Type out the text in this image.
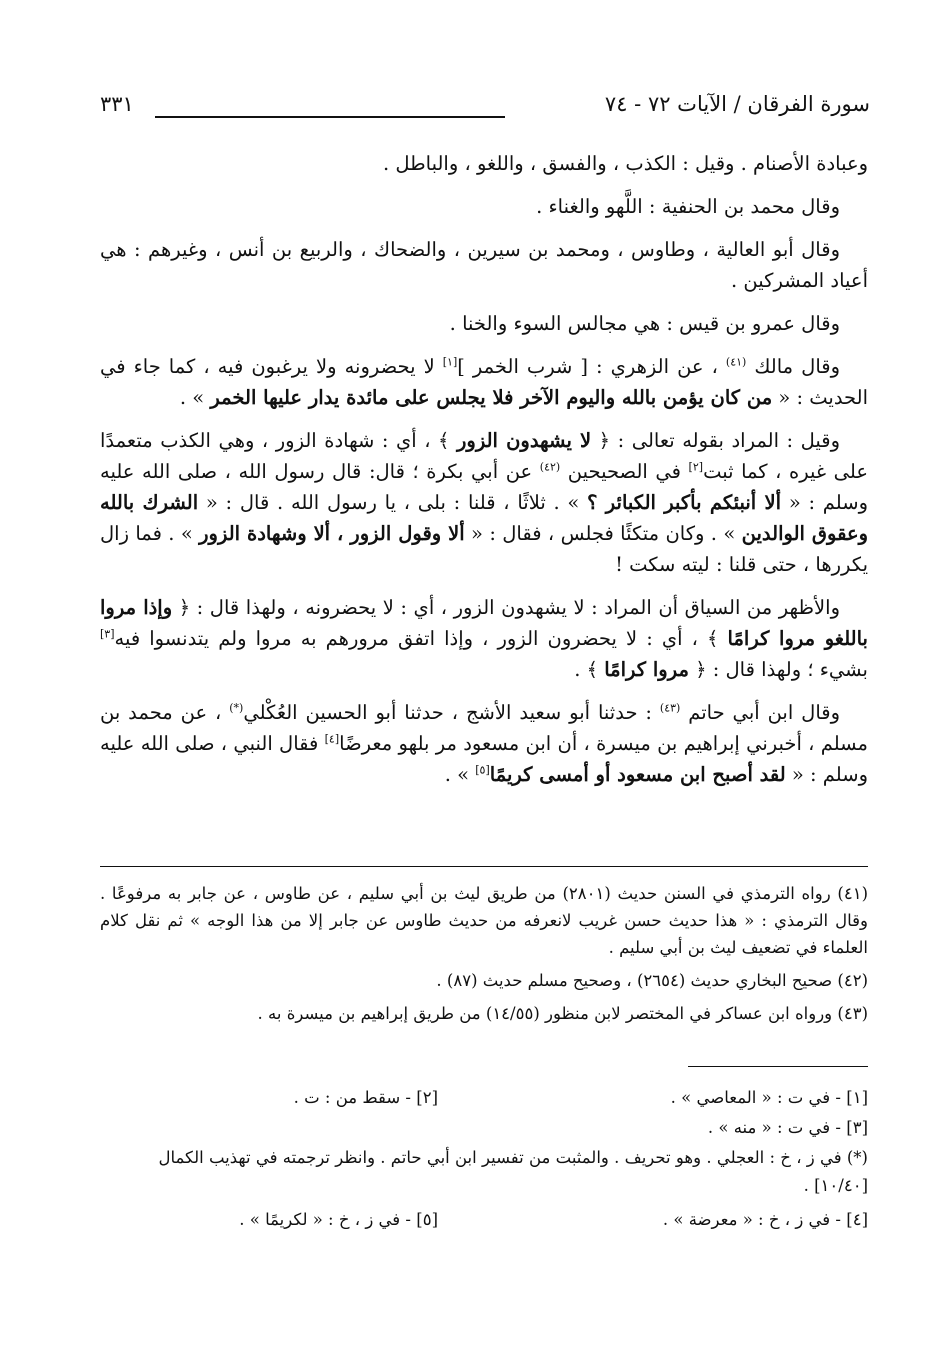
سورة الفرقان / الآيات ٧٢ - ٧٤
٣٣١

وعبادة الأصنام . وقيل : الكذب ، والفسق ، واللغو ، والباطل .

وقال محمد بن الحنفية : اللَّهو والغناء .

وقال أبو العالية ، وطاوس ، ومحمد بن سيرين ، والضحاك ، والربيع بن أنس ، وغيرهم : هي أعياد المشركين .

وقال عمرو بن قيس : هي مجالس السوء والخنا .

وقال مالك $^{(٤١)}$ ، عن الزهري : [ شرب الخمر ][١] لا يحضرونه ولا يرغبون فيه ، كما جاء في الحديث : « من كان يؤمن بالله واليوم الآخر فلا يجلس على مائدة يدار عليها الخمر » .

وقيل : المراد بقوله تعالى : ﴿ لا يشهدون الزور ﴾ ، أي : شهادة الزور ، وهي الكذب متعمدًا على غيره ، كما ثبت[٢] في الصحيحين $^{(٤٢)}$ عن أبي بكرة ؛ قال: قال رسول الله ، صلى الله عليه وسلم : « ألا أنبئكم بأكبر الكبائر ؟ » . ثلاثًا ، قلنا : بلى ، يا رسول الله . قال : « الشرك بالله وعقوق الوالدين » . وكان متكئًا فجلس ، فقال : « ألا وقول الزور ، ألا وشهادة الزور » . فما زال يكررها ، حتى قلنا : ليته سكت !

والأظهر من السياق أن المراد : لا يشهدون الزور ، أي : لا يحضرونه ، ولهذا قال : ﴿ وإذا مروا باللغو مروا كرامًا ﴾ ، أي : لا يحضرون الزور ، وإذا اتفق مرورهم به مروا ولم يتدنسوا فيه[٣] بشيء ؛ ولهذا قال : ﴿ مروا كرامًا ﴾ .

وقال ابن أبي حاتم $^{(٤٣)}$ : حدثنا أبو سعيد الأشج ، حدثنا أبو الحسين العُكْلي(*) ، عن محمد بن مسلم ، أخبرني إبراهيم بن ميسرة ، أن ابن مسعود مر بلهو معرضًا[٤] فقال النبي ، صلى الله عليه وسلم : « لقد أصبح ابن مسعود أو أمسى كريمًا[٥] » .

(٤١) رواه الترمذي في السنن حديث (٢٨٠١) من طريق ليث بن أبي سليم ، عن طاوس ، عن جابر به مرفوعًا . وقال الترمذي : « هذا حديث حسن غريب لانعرفه من حديث طاوس عن جابر إلا من هذا الوجه » ثم نقل كلام العلماء في تضعيف ليث بن أبي سليم .

(٤٢) صحيح البخاري حديث (٢٦٥٤) ، وصحيح مسلم حديث (٨٧) .

(٤٣) ورواه ابن عساكر في المختصر لابن منظور (١٤/٥٥) من طريق إبراهيم بن ميسرة به .

[١] - في ت : « المعاصي » .
[٢] - سقط من : ت .
[٣] - في ت : « منه » .

(*) في ز ، خ : العجلي . وهو تحريف . والمثبت من تفسير ابن أبي حاتم . وانظر ترجمته في تهذيب الكمال [١٠/٤٠] .

[٤] - في ز ، خ : « معرضة » .
[٥] - في ز ، خ : « لكريمًا » .
